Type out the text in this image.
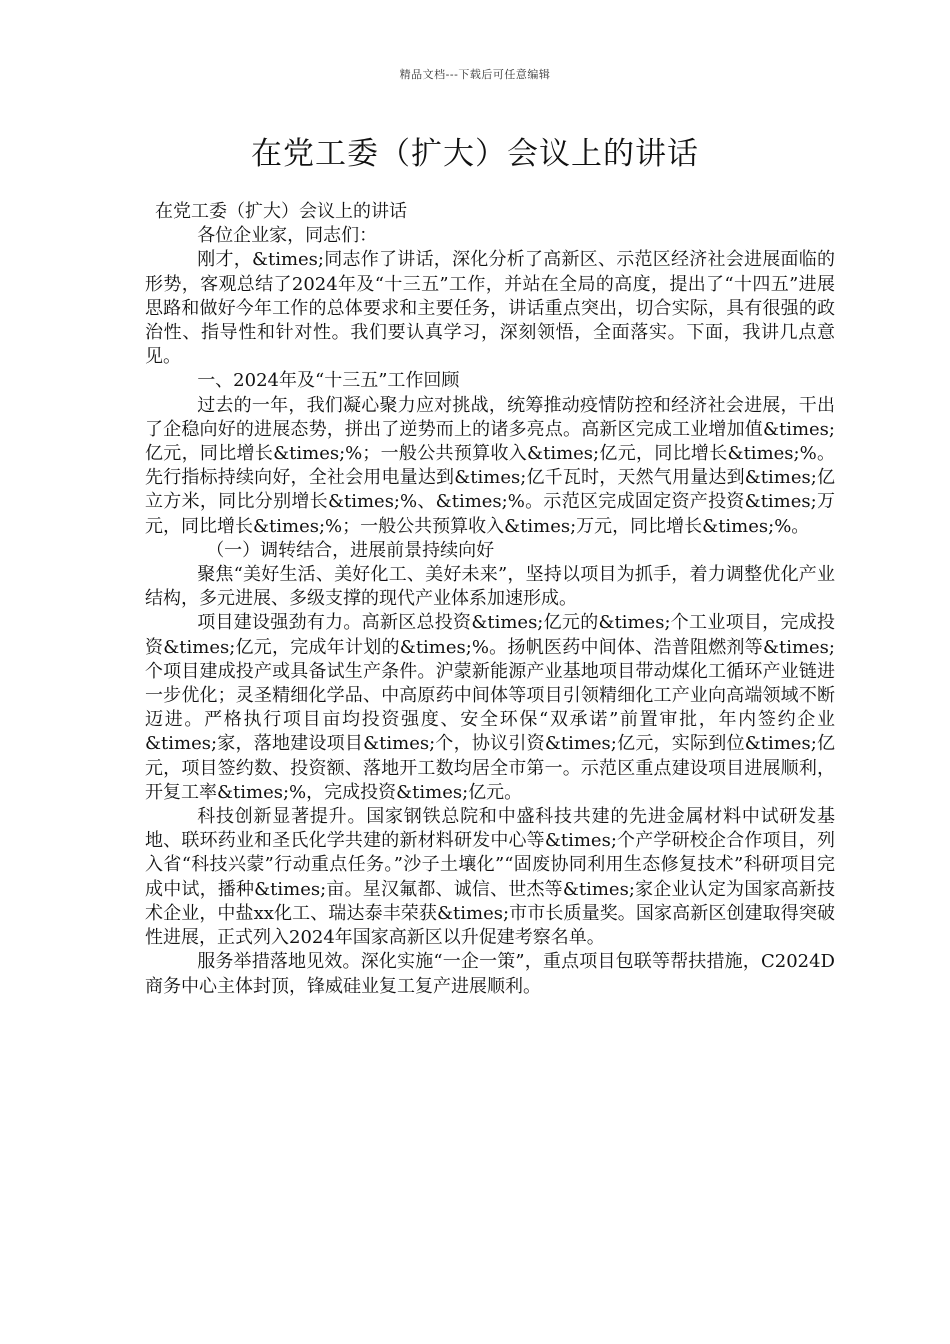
精品文档---下载后可任意编辑
在党工委（扩大）会议上的讲话

在党工委（扩大）会议上的讲话

各位企业家，同志们：

刚才，&times;同志作了讲话，深化分析了高新区、示范区经济社会进展面临的形势，客观总结了2024年及“十三五”工作，并站在全局的高度，提出了“十四五”进展思路和做好今年工作的总体要求和主要任务，讲话重点突出，切合实际，具有很强的政治性、指导性和针对性。我们要认真学习，深刻领悟，全面落实。下面，我讲几点意见。

一、2024年及“十三五”工作回顾

过去的一年，我们凝心聚力应对挑战，统筹推动疫情防控和经济社会进展，干出了企稳向好的进展态势，拼出了逆势而上的诸多亮点。高新区完成工业增加值&times;亿元，同比增长&times;%；一般公共预算收入&times;亿元，同比增长&times;%。先行指标持续向好，全社会用电量达到&times;亿千瓦时，天然气用量达到&times;亿立方米，同比分别增长&times;%、&times;%。示范区完成固定资产投资&times;万元，同比增长&times;%；一般公共预算收入&times;万元，同比增长&times;%。

（一）调转结合，进展前景持续向好

聚焦“美好生活、美好化工、美好未来”，坚持以项目为抓手，着力调整优化产业结构，多元进展、多级支撑的现代产业体系加速形成。

项目建设强劲有力。高新区总投资&times;亿元的&times;个工业项目，完成投资&times;亿元，完成年计划的&times;%。扬帆医药中间体、浩普阻燃剂等&times;个项目建成投产或具备试生产条件。沪蒙新能源产业基地项目带动煤化工循环产业链进一步优化；灵圣精细化学品、中高原药中间体等项目引领精细化工产业向高端领域不断迈进。严格执行项目亩均投资强度、安全环保“双承诺”前置审批，年内签约企业&times;家，落地建设项目&times;个，协议引资&times;亿元，实际到位&times;亿元，项目签约数、投资额、落地开工数均居全市第一。示范区重点建设项目进展顺利，开复工率&times;%，完成投资&times;亿元。

科技创新显著提升。国家钢铁总院和中盛科技共建的先进金属材料中试研发基地、联环药业和圣氏化学共建的新材料研发中心等&times;个产学研校企合作项目，列入省“科技兴蒙”行动重点任务。”沙子土壤化”“固废协同利用生态修复技术”科研项目完成中试，播种&times;亩。星汉氟都、诚信、世杰等&times;家企业认定为国家高新技术企业，中盐xx化工、瑞达泰丰荣获&times;市市长质量奖。国家高新区创建取得突破性进展，正式列入2024年国家高新区以升促建考察名单。

服务举措落地见效。深化实施“一企一策”，重点项目包联等帮扶措施，C2024D商务中心主体封顶，锋威硅业复工复产进展顺利。
